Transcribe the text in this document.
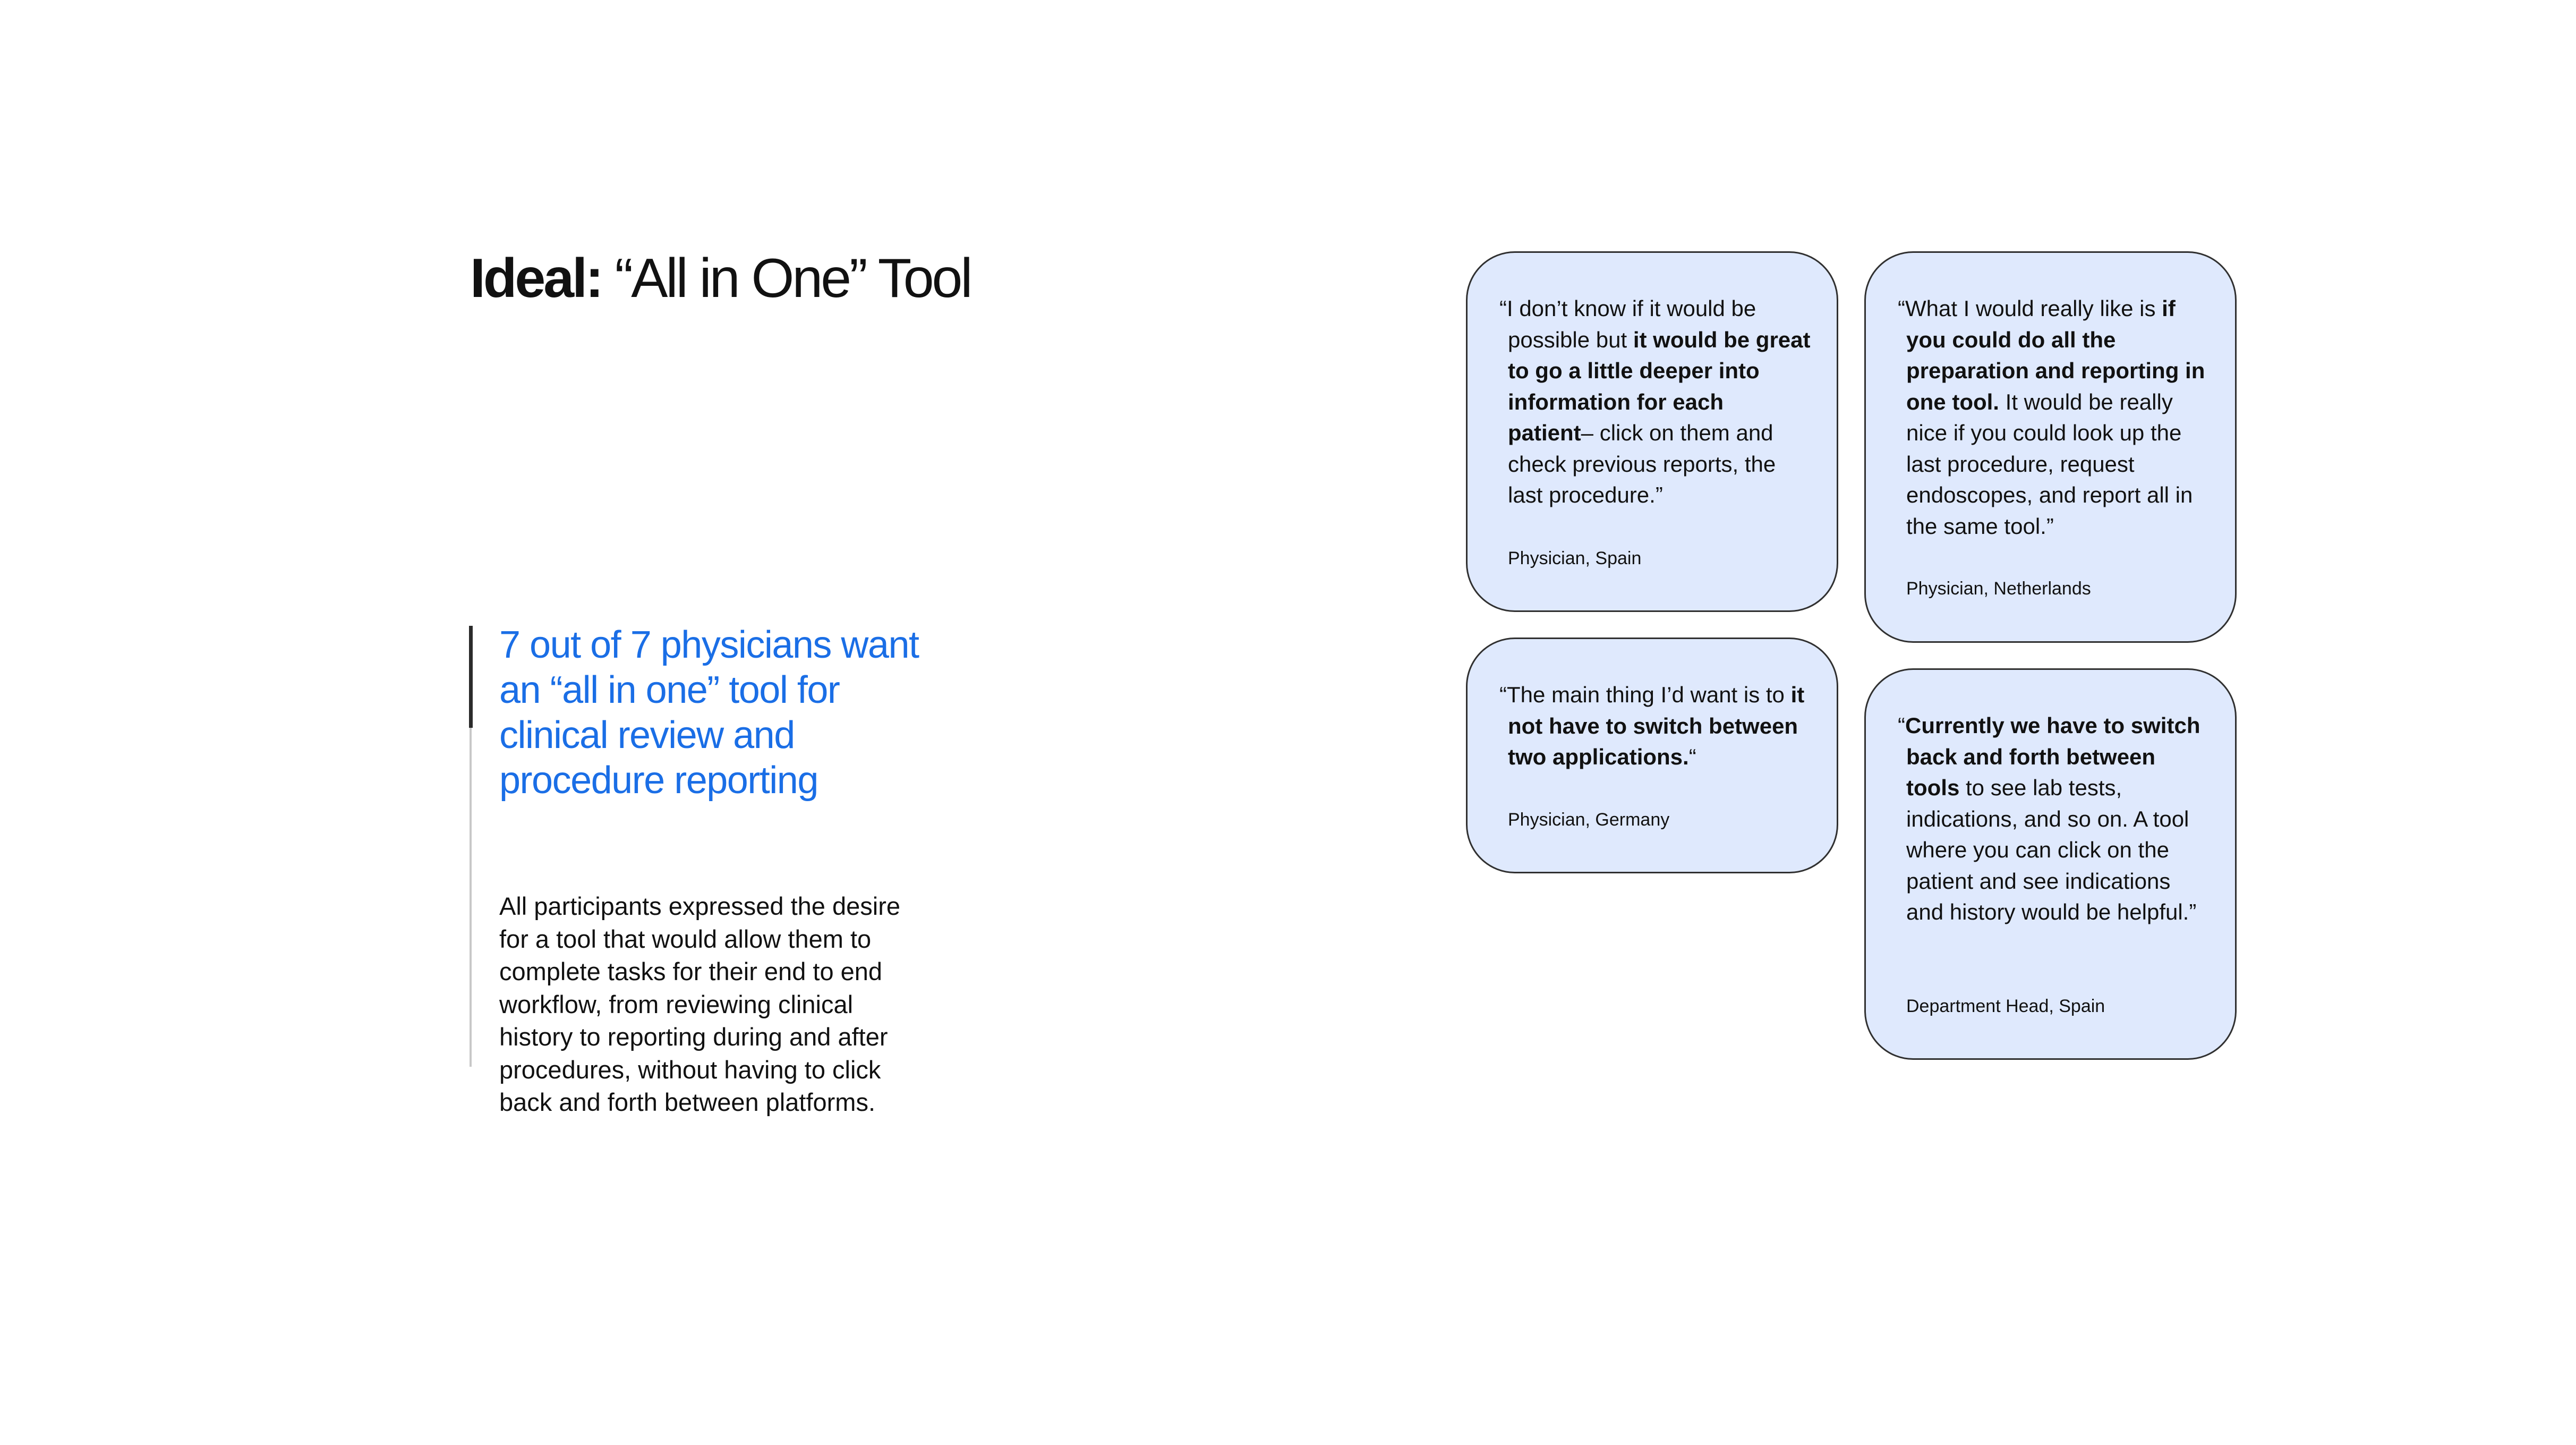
Ideal: “All in One” Tool

7 out of 7 physicians want an “all in one” tool for clinical review and procedure reporting

All participants expressed the desire for a tool that would allow them to complete tasks for their end to end workflow, from reviewing clinical history to reporting during and after procedures, without having to click back and forth between platforms.

“I don’t know if it would be possible but it would be great to go a little deeper into information for each patient– click on them and check previous reports, the last procedure.”

Physician, Spain

“What I would really like is if you could do all the preparation and reporting in one tool. It would be really nice if you could look up the last procedure, request endoscopes, and report all in the same tool.”

Physician, Netherlands

“The main thing I’d want is to it not have to switch between two applications.“

Physician, Germany

“Currently we have to switch back and forth between tools to see lab tests, indications, and so on. A tool where you can click on the patient and see indications and history would be helpful.”

Department Head, Spain
